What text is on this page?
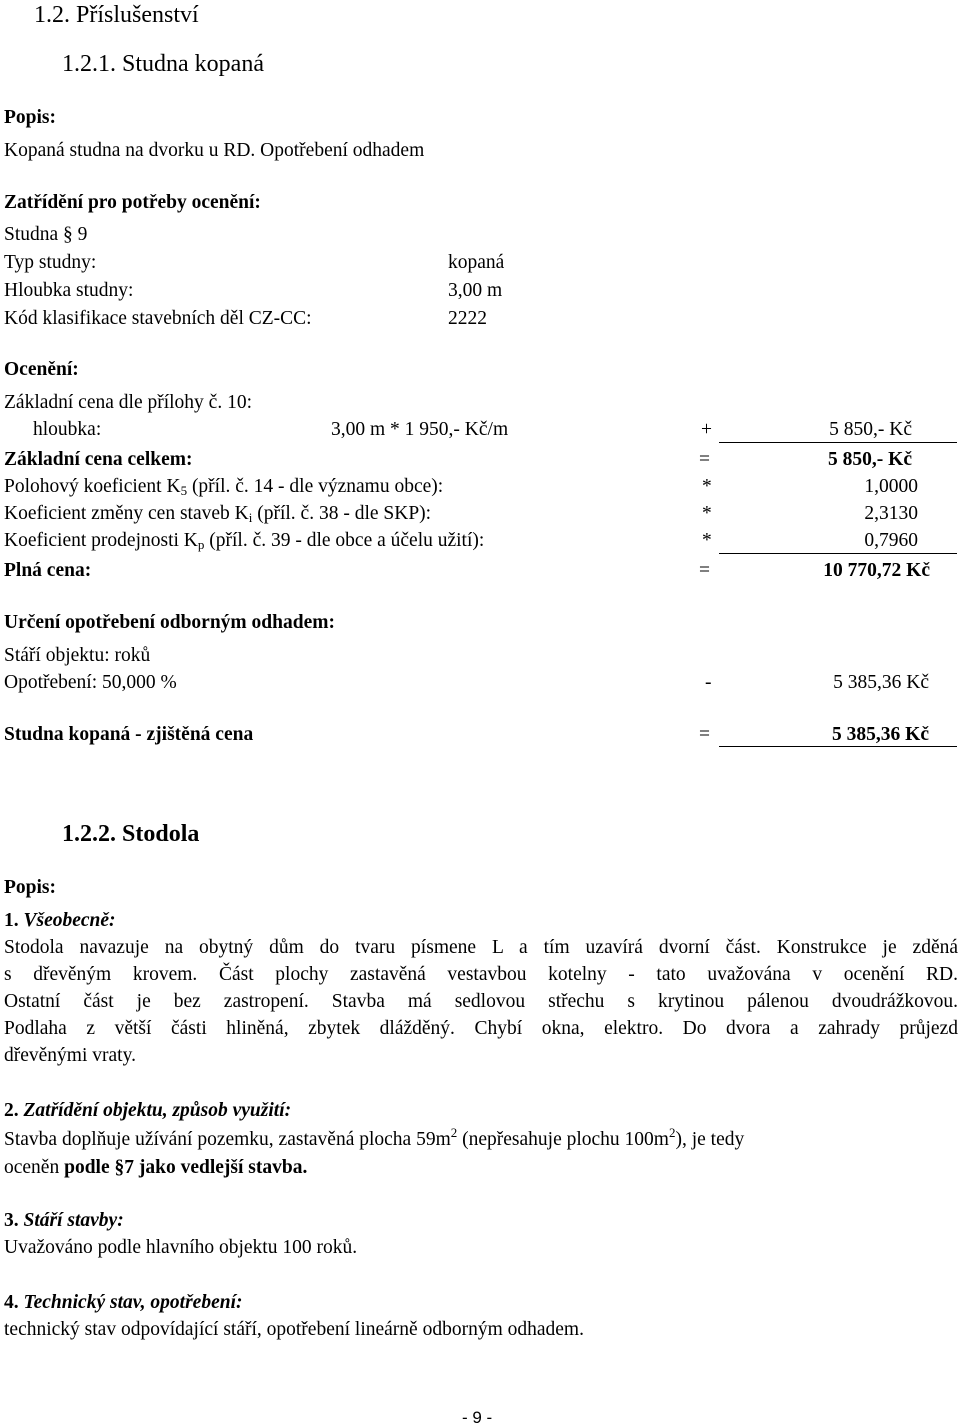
1.2. Příslušenství
1.2.1. Studna kopaná
Popis:
Kopaná studna na dvorku u RD. Opotřebení odhadem
Zatřídění pro potřeby ocenění:
Studna § 9
Typ studny:	kopaná
Hloubka studny:	3,00 m
Kód klasifikace stavebních děl CZ-CC:	2222
Ocenění:
Základní cena dle přílohy č. 10:
hloubka:	3,00 m * 1 950,- Kč/m	+	5 850,- Kč
Základní cena celkem:	=	5 850,- Kč
Polohový koeficient $K_5$ (příl. č. 14 - dle významu obce):	*	1,0000
Koeficient změny cen staveb $K_i$ (příl. č. 38 - dle SKP):	*	2,3130
Koeficient prodejnosti $K_p$ (příl. č. 39 - dle obce a účelu užití):	*	0,7960
Plná cena:	=	10 770,72 Kč
Určení opotřebení odborným odhadem:
Stáří objektu: roků
Opotřebení: 50,000 %	-	5 385,36 Kč
Studna kopaná - zjištěná cena	=	5 385,36 Kč
1.2.2. Stodola
Popis:
1. Všeobecně:
Stodola navazuje na obytný dům do tvaru písmene L a tím uzavírá dvorní část. Konstrukce je zděná
s dřevěným krovem. Část plochy zastavěná vestavbou kotelny - tato uvažována v ocenění RD.
Ostatní část je bez zastropení. Stavba má sedlovou střechu s krytinou pálenou dvoudrážkovou.
Podlaha z větší části hliněná, zbytek dlážděný. Chybí okna, elektro. Do dvora a zahrady průjezd
dřevěnými vraty.
2. Zatřídění objektu, způsob využití:
Stavba doplňuje užívání pozemku, zastavěná plocha $59m^2$ (nepřesahuje plochu $100m^2$), je tedy
oceněn podle §7 jako vedlejší stavba.
3. Stáří stavby:
Uvažováno podle hlavního objektu 100 roků.
4. Technický stav, opotřebení:
technický stav odpovídající stáří, opotřebení lineárně odborným odhadem.
- 9 -
